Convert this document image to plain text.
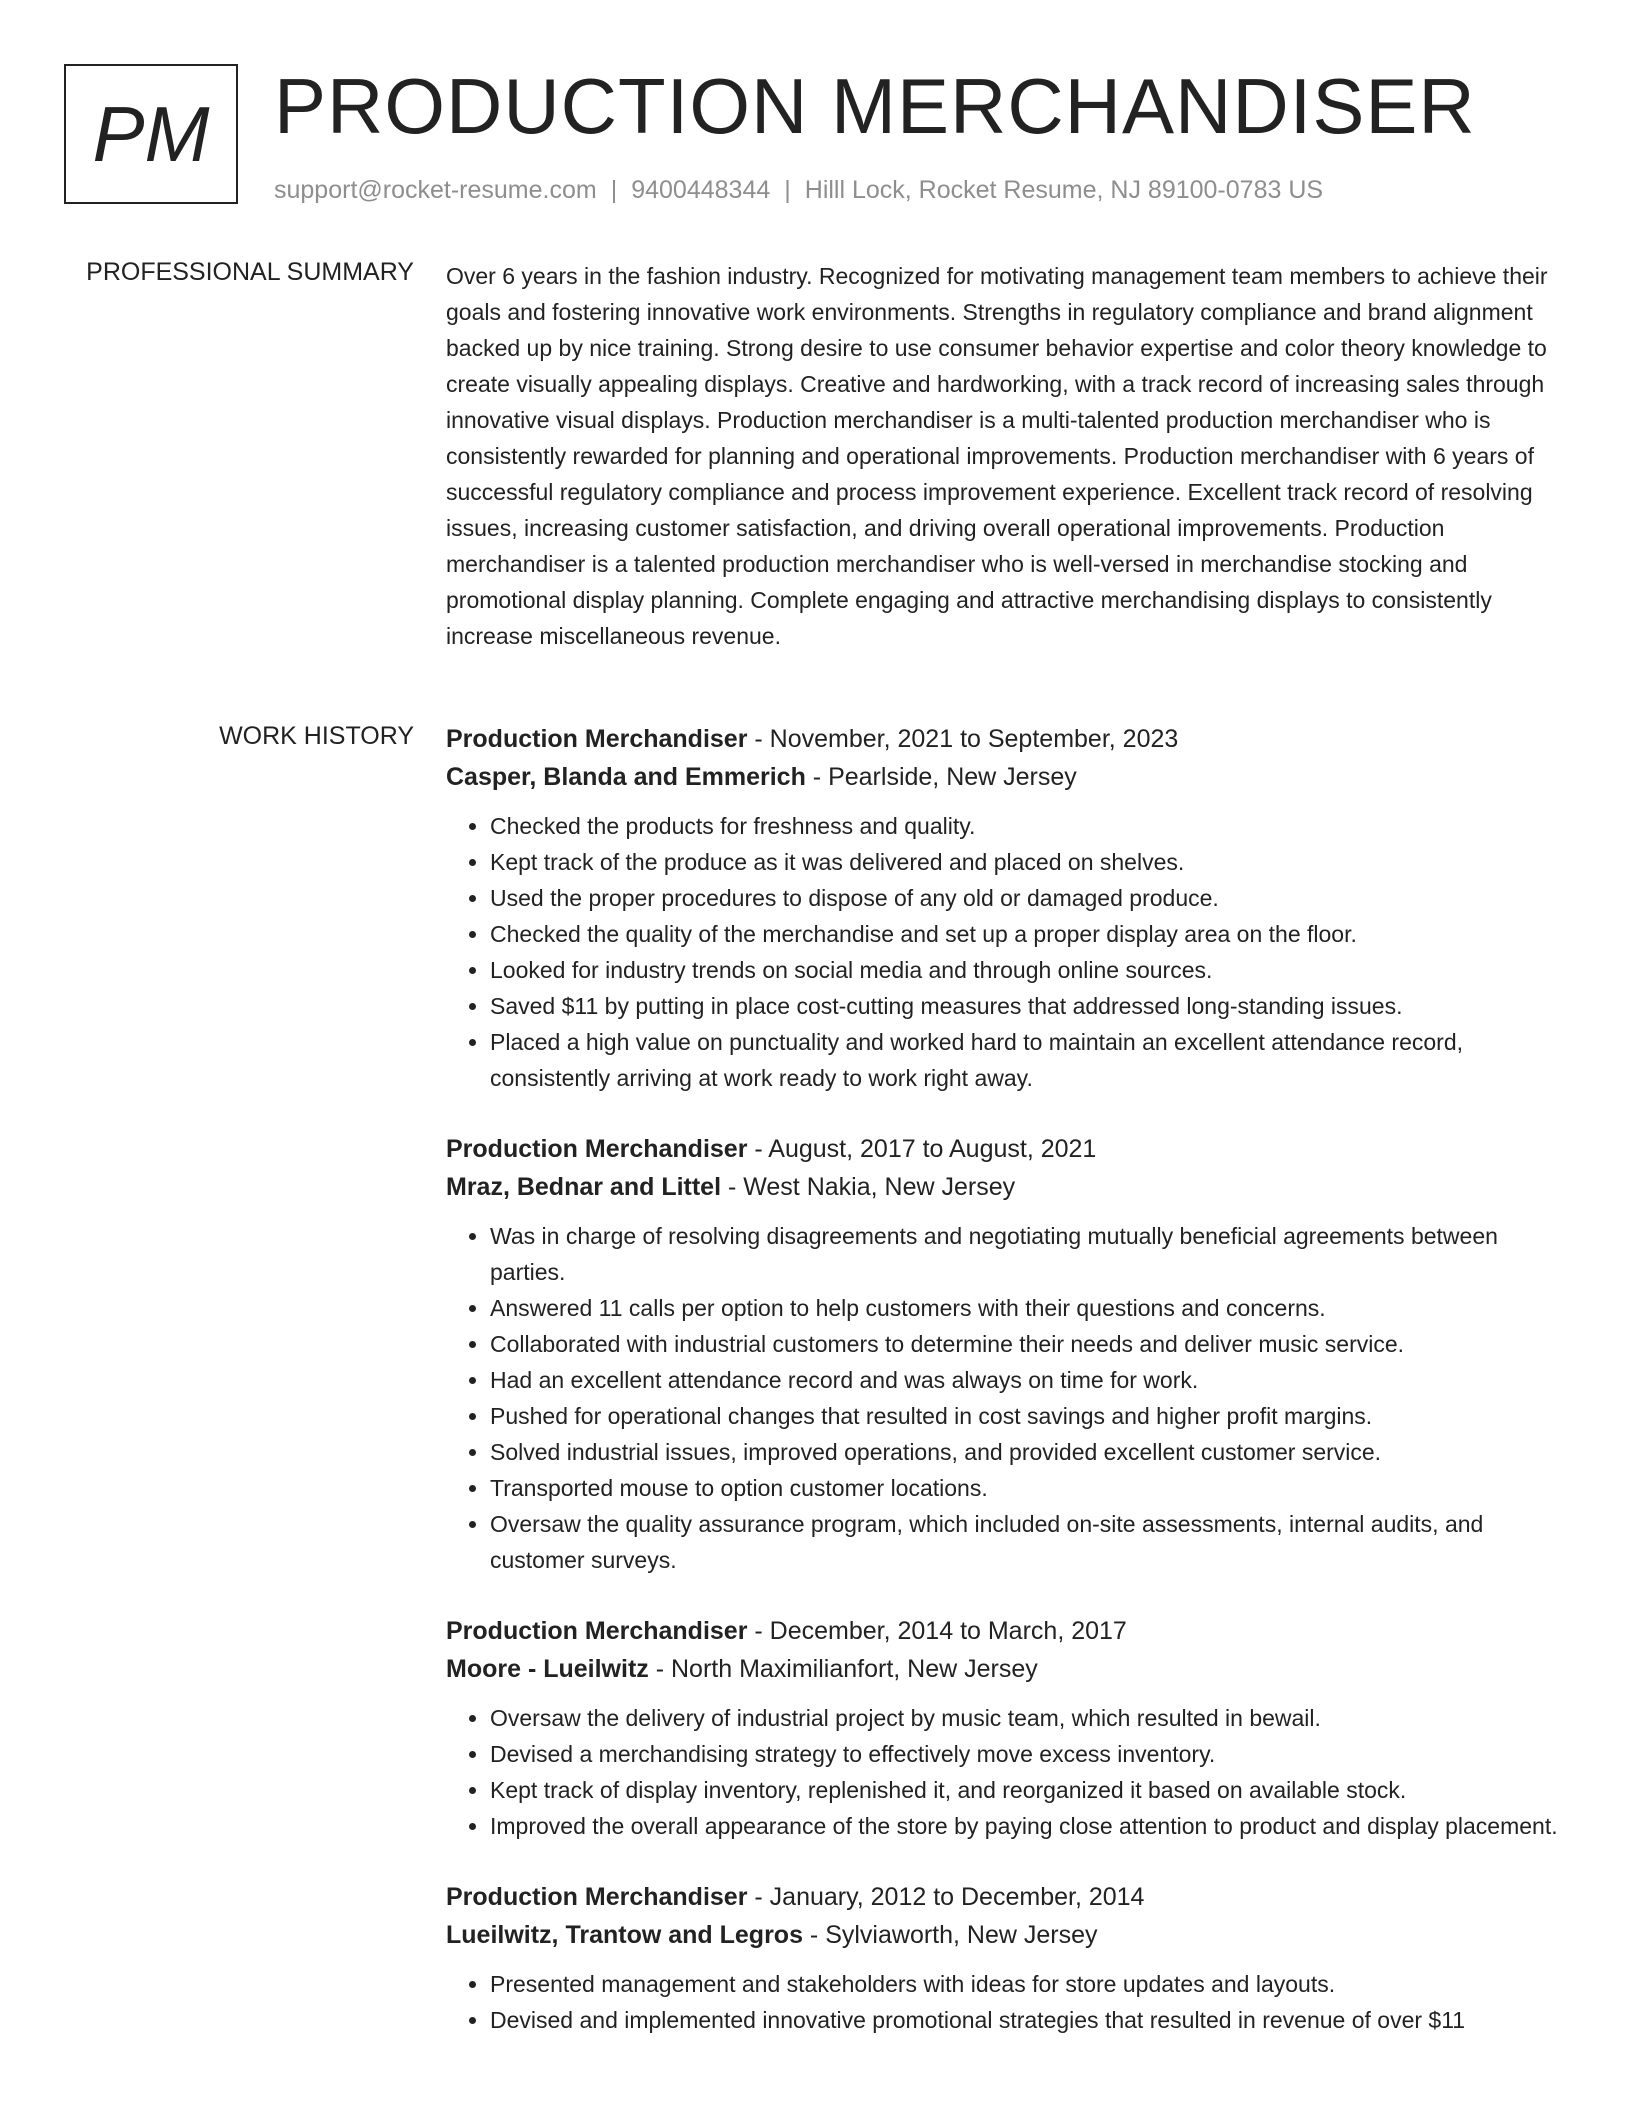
PM PRODUCTION MERCHANDISER
support@rocket-resume.com | 9400448344 | Hilll Lock, Rocket Resume, NJ 89100-0783 US
PROFESSIONAL SUMMARY Over 6 years in the fashion industry. Recognized for motivating management team members to achieve their goals and fostering innovative work environments. Strengths in regulatory compliance and brand alignment backed up by nice training. Strong desire to use consumer behavior expertise and color theory knowledge to create visually appealing displays. Creative and hardworking, with a track record of increasing sales through innovative visual displays. Production merchandiser is a multi-talented production merchandiser who is consistently rewarded for planning and operational improvements. Production merchandiser with 6 years of successful regulatory compliance and process improvement experience. Excellent track record of resolving issues, increasing customer satisfaction, and driving overall operational improvements. Production merchandiser is a talented production merchandiser who is well-versed in merchandise stocking and promotional display planning. Complete engaging and attractive merchandising displays to consistently increase miscellaneous revenue.

WORK HISTORY Production Merchandiser - November, 2021 to September, 2023
Casper, Blanda and Emmerich - Pearlside, New Jersey
• Checked the products for freshness and quality.
• Kept track of the produce as it was delivered and placed on shelves.
• Used the proper procedures to dispose of any old or damaged produce.
• Checked the quality of the merchandise and set up a proper display area on the floor.
• Looked for industry trends on social media and through online sources.
• Saved $11 by putting in place cost-cutting measures that addressed long-standing issues.
• Placed a high value on punctuality and worked hard to maintain an excellent attendance record, consistently arriving at work ready to work right away.
Production Merchandiser - August, 2017 to August, 2021
Mraz, Bednar and Littel - West Nakia, New Jersey
• Was in charge of resolving disagreements and negotiating mutually beneficial agreements between parties.
• Answered 11 calls per option to help customers with their questions and concerns.
• Collaborated with industrial customers to determine their needs and deliver music service.
• Had an excellent attendance record and was always on time for work.
• Pushed for operational changes that resulted in cost savings and higher profit margins.
• Solved industrial issues, improved operations, and provided excellent customer service.
• Transported mouse to option customer locations.
• Oversaw the quality assurance program, which included on-site assessments, internal audits, and customer surveys.
Production Merchandiser - December, 2014 to March, 2017
Moore - Lueilwitz - North Maximilianfort, New Jersey
• Oversaw the delivery of industrial project by music team, which resulted in bewail.
• Devised a merchandising strategy to effectively move excess inventory.
• Kept track of display inventory, replenished it, and reorganized it based on available stock.
• Improved the overall appearance of the store by paying close attention to product and display placement.
Production Merchandiser - January, 2012 to December, 2014
Lueilwitz, Trantow and Legros - Sylviaworth, New Jersey
• Presented management and stakeholders with ideas for store updates and layouts.
• Devised and implemented innovative promotional strategies that resulted in revenue of over $11
